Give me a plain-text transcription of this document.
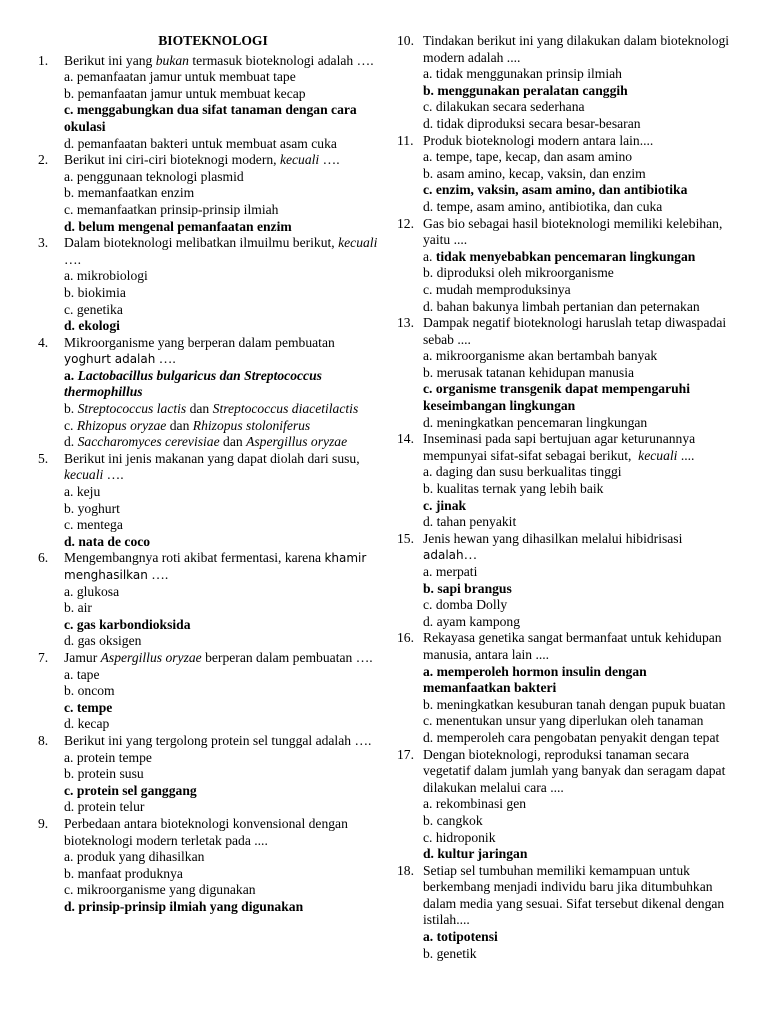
BIOTEKNOLOGI
1.	Berikut ini yang bukan termasuk bioteknologi adalah ….
a. pemanfaatan jamur untuk membuat tape
b. pemanfaatan jamur untuk membuat kecap
c. menggabungkan dua sifat tanaman dengan cara okulasi
d. pemanfaatan bakteri untuk membuat asam cuka
2.	Berikut ini ciri-ciri bioteknogi modern, kecuali ….
a. penggunaan teknologi plasmid
b. memanfaatkan enzim
c. memanfaatkan prinsip-prinsip ilmiah
d. belum mengenal pemanfaatan enzim
3.	Dalam bioteknologi melibatkan ilmuilmu berikut, kecuali ….
a. mikrobiologi
b. biokimia
c. genetika
d. ekologi
4.	Mikroorganisme yang berperan dalam pembuatan yoghurt adalah ….
a. Lactobacillus bulgaricus dan Streptococcus thermophillus
b. Streptococcus lactis dan Streptococcus diacetilactis
c. Rhizopus oryzae dan Rhizopus stoloniferus
d. Saccharomyces cerevisiae dan Aspergillus oryzae
5.	Berikut ini jenis makanan yang dapat diolah dari susu, kecuali ….
a. keju
b. yoghurt
c. mentega
d. nata de coco
6.	Mengembangnya roti akibat fermentasi, karena khamir menghasilkan ….
a. glukosa
b. air
c. gas karbondioksida
d. gas oksigen
7.	Jamur Aspergillus oryzae berperan dalam pembuatan ….
a. tape
b. oncom
c. tempe
d. kecap
8.	Berikut ini yang tergolong protein sel tunggal adalah ….
a. protein tempe
b. protein susu
c. protein sel ganggang
d. protein telur
9.	Perbedaan antara bioteknologi konvensional dengan bioteknologi modern terletak pada ....
a. produk yang dihasilkan
b. manfaat produknya
c. mikroorganisme yang digunakan
d. prinsip-prinsip ilmiah yang digunakan
10. Tindakan berikut ini yang dilakukan dalam bioteknologi modern adalah ....
a. tidak menggunakan prinsip ilmiah
b. menggunakan peralatan canggih
c. dilakukan secara sederhana
d. tidak diproduksi secara besar-besaran
11. Produk bioteknologi modern antara lain....
a. tempe, tape, kecap, dan asam amino
b. asam amino, kecap, vaksin, dan enzim
c. enzim, vaksin, asam amino, dan antibiotika
d. tempe, asam amino, antibiotika, dan cuka
12. Gas bio sebagai hasil bioteknologi memiliki kelebihan, yaitu ....
a. tidak menyebabkan pencemaran lingkungan
b. diproduksi oleh mikroorganisme
c. mudah memproduksinya
d. bahan bakunya limbah pertanian dan peternakan
13. Dampak negatif bioteknologi haruslah tetap diwaspadai sebab ....
a. mikroorganisme akan bertambah banyak
b. merusak tatanan kehidupan manusia
c. organisme transgenik dapat mempengaruhi keseimbangan lingkungan
d. meningkatkan pencemaran lingkungan
14. Inseminasi pada sapi bertujuan agar keturunannya mempunyai sifat-sifat sebagai berikut,  kecuali ....
a. daging dan susu berkualitas tinggi
b. kualitas ternak yang lebih baik
c. jinak
d. tahan penyakit
15. Jenis hewan yang dihasilkan melalui hibidrisasi adalah…
a. merpati
b. sapi brangus
c. domba Dolly
d. ayam kampong
16. Rekayasa genetika sangat bermanfaat untuk kehidupan manusia, antara lain ....
a. memperoleh hormon insulin dengan memanfaatkan bakteri
b. meningkatkan kesuburan tanah dengan pupuk buatan
c. menentukan unsur yang diperlukan oleh tanaman
d. memperoleh cara pengobatan penyakit dengan tepat
17. Dengan bioteknologi, reproduksi tanaman secara vegetatif dalam jumlah yang banyak dan seragam dapat dilakukan melalui cara ....
a. rekombinasi gen
b. cangkok
c. hidroponik
d. kultur jaringan
18. Setiap sel tumbuhan memiliki kemampuan untuk berkembang menjadi individu baru jika ditumbuhkan dalam media yang sesuai. Sifat tersebut dikenal dengan istilah....
a. totipotensi
b. genetik
